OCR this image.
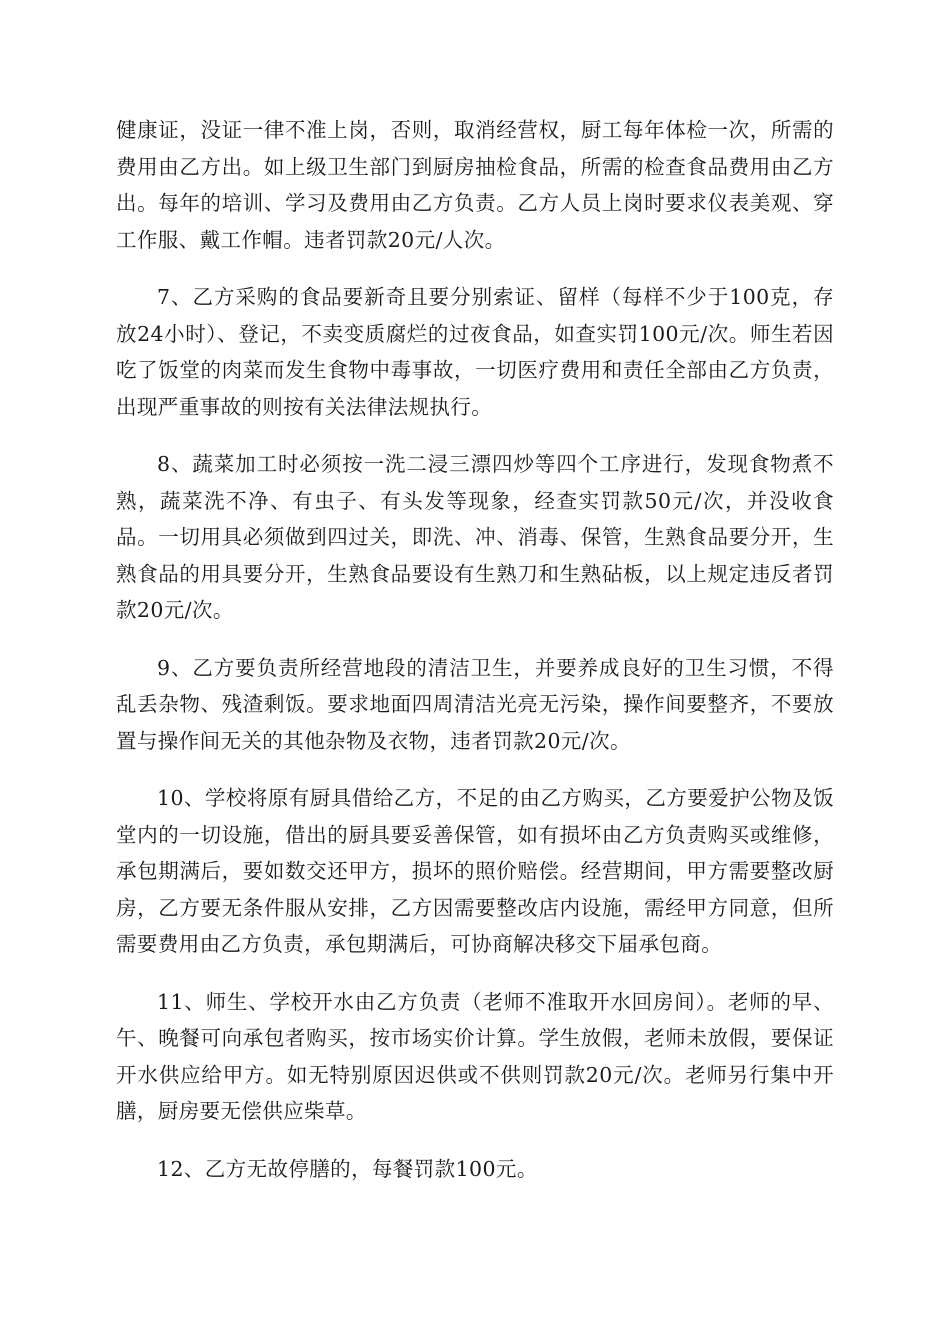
健康证，没证一律不准上岗，否则，取消经营权，厨工每年体检一次，所需的费用由乙方出。如上级卫生部门到厨房抽检食品，所需的检查食品费用由乙方出。每年的培训、学习及费用由乙方负责。乙方人员上岗时要求仪表美观、穿工作服、戴工作帽。违者罚款20元/人次。

7、乙方采购的食品要新奇且要分别索证、留样（每样不少于100克，存放24小时）、登记，不卖变质腐烂的过夜食品，如查实罚100元/次。师生若因吃了饭堂的肉菜而发生食物中毒事故，一切医疗费用和责任全部由乙方负责，出现严重事故的则按有关法律法规执行。

8、蔬菜加工时必须按一洗二浸三漂四炒等四个工序进行，发现食物煮不熟，蔬菜洗不净、有虫子、有头发等现象，经查实罚款50元/次，并没收食品。一切用具必须做到四过关，即洗、冲、消毒、保管，生熟食品要分开，生熟食品的用具要分开，生熟食品要设有生熟刀和生熟砧板，以上规定违反者罚款20元/次。

9、乙方要负责所经营地段的清洁卫生，并要养成良好的卫生习惯，不得乱丢杂物、残渣剩饭。要求地面四周清洁光亮无污染，操作间要整齐，不要放置与操作间无关的其他杂物及衣物，违者罚款20元/次。

10、学校将原有厨具借给乙方，不足的由乙方购买，乙方要爱护公物及饭堂内的一切设施，借出的厨具要妥善保管，如有损坏由乙方负责购买或维修，承包期满后，要如数交还甲方，损坏的照价赔偿。经营期间，甲方需要整改厨房，乙方要无条件服从安排，乙方因需要整改店内设施，需经甲方同意，但所需要费用由乙方负责，承包期满后，可协商解决移交下届承包商。

11、师生、学校开水由乙方负责（老师不准取开水回房间）。老师的早、午、晚餐可向承包者购买，按市场实价计算。学生放假，老师未放假，要保证开水供应给甲方。如无特别原因迟供或不供则罚款20元/次。老师另行集中开膳，厨房要无偿供应柴草。

12、乙方无故停膳的，每餐罚款100元。
